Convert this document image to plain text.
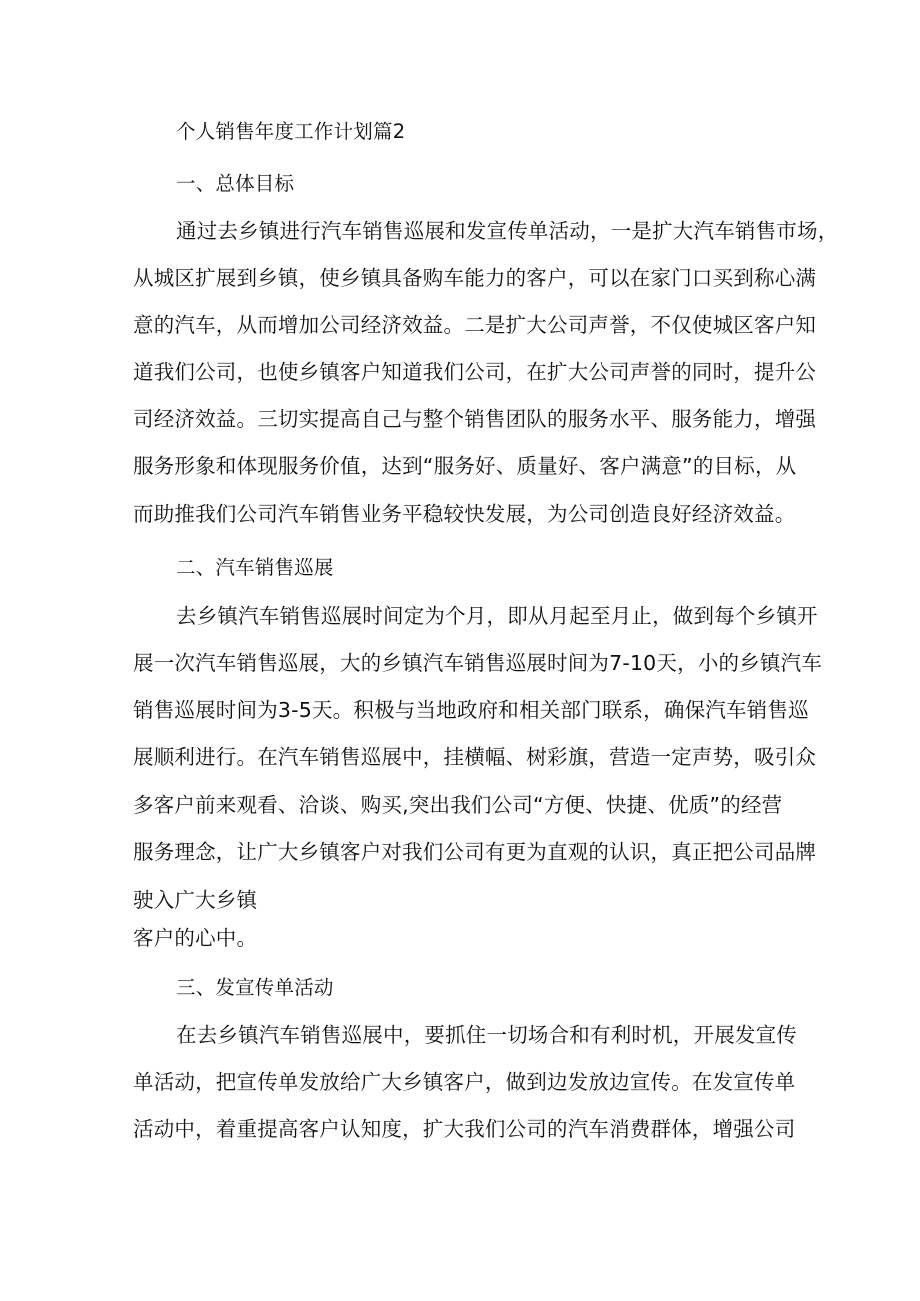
个人销售年度工作计划篇2
一、总体目标
通过去乡镇进行汽车销售巡展和发宣传单活动，一是扩大汽车销售市场，
从城区扩展到乡镇，使乡镇具备购车能力的客户，可以在家门口买到称心满
意的汽车，从而增加公司经济效益。二是扩大公司声誉，不仅使城区客户知
道我们公司，也使乡镇客户知道我们公司，在扩大公司声誉的同时，提升公
司经济效益。三切实提高自己与整个销售团队的服务水平、服务能力，增强
服务形象和体现服务价值，达到“服务好、质量好、客户满意”的目标，从
而助推我们公司汽车销售业务平稳较快发展，为公司创造良好经济效益。
二、汽车销售巡展
去乡镇汽车销售巡展时间定为个月，即从月起至月止，做到每个乡镇开
展一次汽车销售巡展，大的乡镇汽车销售巡展时间为7-10天，小的乡镇汽车
销售巡展时间为3-5天。积极与当地政府和相关部门联系，确保汽车销售巡
展顺利进行。在汽车销售巡展中，挂横幅、树彩旗，营造一定声势，吸引众
多客户前来观看、洽谈、购买,突出我们公司“方便、快捷、优质”的经营
服务理念，让广大乡镇客户对我们公司有更为直观的认识，真正把公司品牌
驶入广大乡镇
客户的心中。
三、发宣传单活动
在去乡镇汽车销售巡展中，要抓住一切场合和有利时机，开展发宣传
单活动，把宣传单发放给广大乡镇客户，做到边发放边宣传。在发宣传单
活动中，着重提高客户认知度，扩大我们公司的汽车消费群体，增强公司
